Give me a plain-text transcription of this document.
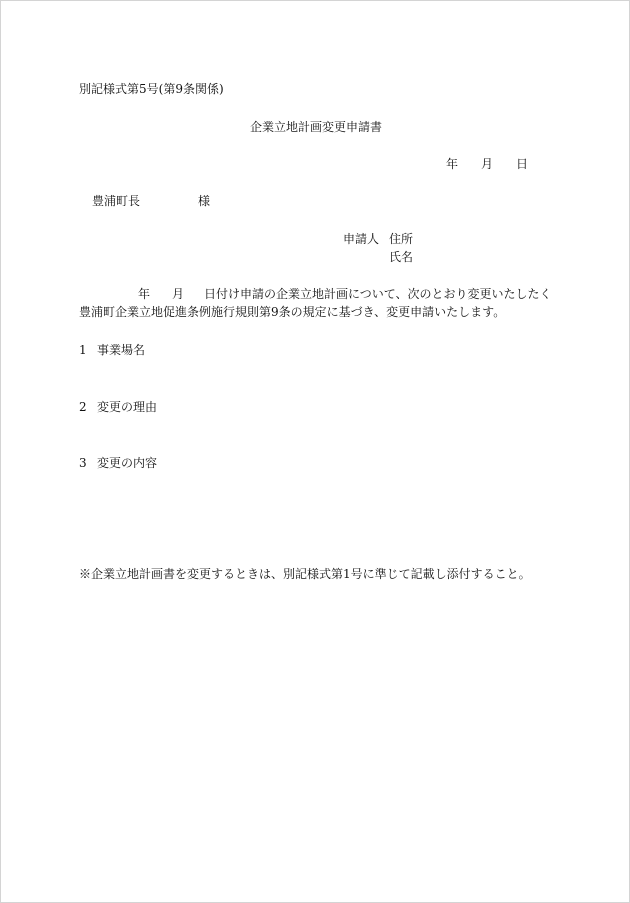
別記様式第5号(第9条関係)
企業立地計画変更申請書
年 月 日
豊浦町長	様
申請人 住所
氏名
年 月 日付け申請の企業立地計画について、次のとおり変更いたしたく
豊浦町企業立地促進条例施行規則第9条の規定に基づき、変更申請いたします。
1 事業場名
2 変更の理由
3 変更の内容
※企業立地計画書を変更するときは、別記様式第1号に準じて記載し添付すること。
